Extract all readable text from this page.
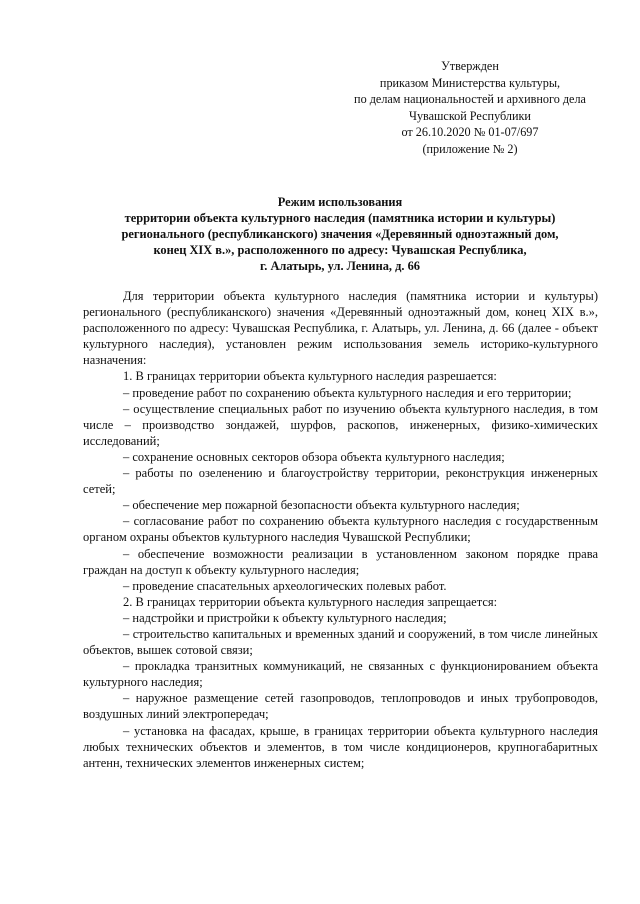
Утвержден
приказом Министерства культуры,
по делам национальностей и архивного дела
Чувашской Республики
от 26.10.2020 № 01-07/697
(приложение № 2)
Режим использования
территории объекта культурного наследия (памятника истории и культуры)
регионального (республиканского) значения «Деревянный одноэтажный дом,
конец XIX в.», расположенного по адресу: Чувашская Республика,
г. Алатырь, ул. Ленина, д. 66

Для территории объекта культурного наследия (памятника истории и культуры) регионального (республиканского) значения «Деревянный одноэтажный дом, конец XIX в.», расположенного по адресу: Чувашская Республика, г. Алатырь, ул. Ленина, д. 66 (далее - объект культурного наследия), установлен режим использования земель историко-культурного назначения:

1. В границах территории объекта культурного наследия разрешается:

– проведение работ по сохранению объекта культурного наследия и его территории;

– осуществление специальных работ по изучению объекта культурного наследия, в том числе – производство зондажей, шурфов, раскопов, инженерных, физико-химических исследований;

– сохранение основных секторов обзора объекта культурного наследия;

– работы по озеленению и благоустройству территории, реконструкция инженерных сетей;

– обеспечение мер пожарной безопасности объекта культурного наследия;

– согласование работ по сохранению объекта культурного наследия с государственным органом охраны объектов культурного наследия Чувашской Республики;

– обеспечение возможности реализации в установленном законом порядке права граждан на доступ к объекту культурного наследия;

– проведение спасательных археологических полевых работ.

2. В границах территории объекта культурного наследия запрещается:

– надстройки и пристройки к объекту культурного наследия;

– строительство капитальных и временных зданий и сооружений, в том числе линейных объектов, вышек сотовой связи;

– прокладка транзитных коммуникаций, не связанных с функционированием объекта культурного наследия;

– наружное размещение сетей газопроводов, теплопроводов и иных трубопроводов, воздушных линий электропередач;

– установка на фасадах, крыше, в границах территории объекта культурного наследия любых технических объектов и элементов, в том числе кондиционеров, крупногабаритных антенн, технических элементов инженерных систем;
